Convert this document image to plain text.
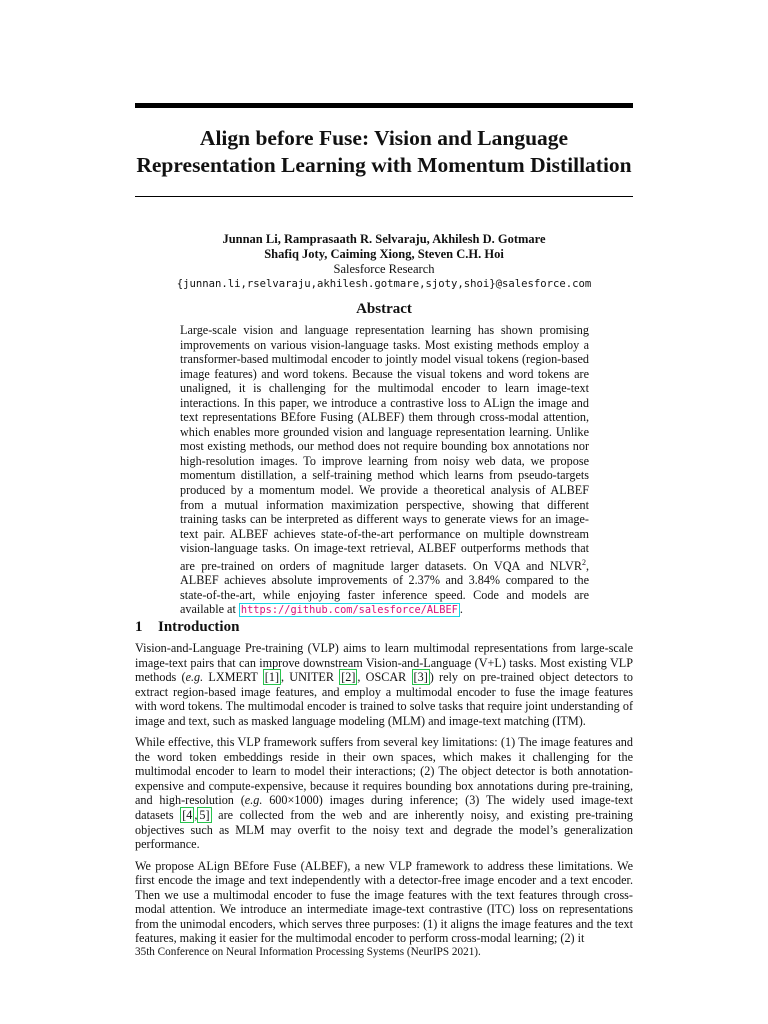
Align before Fuse: Vision and Language
Representation Learning with Momentum Distillation
Junnan Li, Ramprasaath R. Selvaraju, Akhilesh D. Gotmare
Shafiq Joty, Caiming Xiong, Steven C.H. Hoi
Salesforce Research
{junnan.li,rselvaraju,akhilesh.gotmare,sjoty,shoi}@salesforce.com
Abstract
Large-scale vision and language representation learning has shown promising improvements on various vision-language tasks. Most existing methods employ a transformer-based multimodal encoder to jointly model visual tokens (region-based image features) and word tokens. Because the visual tokens and word tokens are unaligned, it is challenging for the multimodal encoder to learn image-text interactions. In this paper, we introduce a contrastive loss to ALign the image and text representations BEfore Fusing (ALBEF) them through cross-modal attention, which enables more grounded vision and language representation learning. Unlike most existing methods, our method does not require bounding box annotations nor high-resolution images. To improve learning from noisy web data, we propose momentum distillation, a self-training method which learns from pseudo-targets produced by a momentum model. We provide a theoretical analysis of ALBEF from a mutual information maximization perspective, showing that different training tasks can be interpreted as different ways to generate views for an image-text pair. ALBEF achieves state-of-the-art performance on multiple downstream vision-language tasks. On image-text retrieval, ALBEF outperforms methods that are pre-trained on orders of magnitude larger datasets. On VQA and NLVR$^2$, ALBEF achieves absolute improvements of 2.37% and 3.84% compared to the state-of-the-art, while enjoying faster inference speed. Code and models are available at https://github.com/salesforce/ALBEF .
1 Introduction

Vision-and-Language Pre-training (VLP) aims to learn multimodal representations from large-scale image-text pairs that can improve downstream Vision-and-Language (V+L) tasks. Most existing VLP methods (e.g. LXMERT [1] , UNITER [2] , OSCAR [3] ) rely on pre-trained object detectors to extract region-based image features, and employ a multimodal encoder to fuse the image features with word tokens. The multimodal encoder is trained to solve tasks that require joint understanding of image and text, such as masked language modeling (MLM) and image-text matching (ITM).

While effective, this VLP framework suffers from several key limitations: (1) The image features and the word token embeddings reside in their own spaces, which makes it challenging for the multimodal encoder to learn to model their interactions; (2) The object detector is both annotation-expensive and compute-expensive, because it requires bounding box annotations during pre-training, and high-resolution (e.g. 600×1000) images during inference; (3) The widely used image-text datasets [4 , 5] are collected from the web and are inherently noisy, and existing pre-training objectives such as MLM may overfit to the noisy text and degrade the model’s generalization performance.

We propose ALign BEfore Fuse (ALBEF), a new VLP framework to address these limitations. We first encode the image and text independently with a detector-free image encoder and a text encoder. Then we use a multimodal encoder to fuse the image features with the text features through cross-modal attention. We introduce an intermediate image-text contrastive (ITC) loss on representations from the unimodal encoders, which serves three purposes: (1) it aligns the image features and the text features, making it easier for the multimodal encoder to perform cross-modal learning; (2) it

35th Conference on Neural Information Processing Systems (NeurIPS 2021).
